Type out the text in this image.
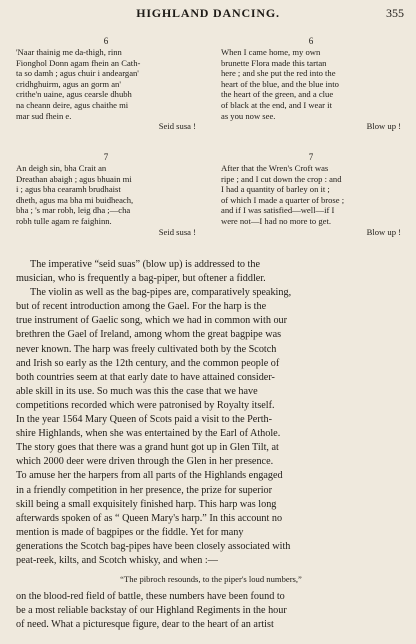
HIGHLAND DANCING.	355
6
'Naar thainig me da-thigh, rinn
Fionghol Donn agam fhein an Cath-
ta so damh ; agus chuir i andeargan'
cridhghuirm, agus an gorm an'
crithe'n uaine, agus cearsle dhubh
na cheann deire, agus chaithe mi
mar sud fhein e.
Seid susa !
7
An deigh sin, bha Crait an
Dreathan abaigh ; agus bhuain mi
i ; agus bha cearamh brudhaist
dheth, agus ma bha mi buidheach,
bha ; 's mar robh, leig dha ;—cha
robh tulle agam re faighinn.
Seid susa !
6
When I came home, my own
brunette Flora made this tartan
here ; and she put the red into the
heart of the blue, and the blue into
the heart of the green, and a clue
of black at the end, and I wear it
as you now see.
Blow up !
7
After that the Wren's Croft was
ripe ; and I cut down the crop : and
I had a quantity of barley on it ;
of which I made a quarter of brose ;
and if I was satisfied—well—if I
were not—I had no more to get.
Blow up !
The imperative “seid suas” (blow up) is addressed to the
musician, who is frequently a bag-piper, but oftener a fiddler.
The violin as well as the bag-pipes are, comparatively speaking,
but of recent introduction among the Gael. For the harp is the
true instrument of Gaelic song, which we had in common with our
brethren the Gael of Ireland, among whom the great bagpipe was
never known. The harp was freely cultivated both by the Scotch
and Irish so early as the 12th century, and the common people of
both countries seem at that early date to have attained consider-
able skill in its use. So much was this the case that we have
competitions recorded which were patronised by Royalty itself.
In the year 1564 Mary Queen of Scots paid a visit to the Perth-
shire Highlands, when she was entertained by the Earl of Athole.
The story goes that there was a grand hunt got up in Glen Tilt, at
which 2000 deer were driven through the Glen in her presence.
To amuse her the harpers from all parts of the Highlands engaged
in a friendly competition in her presence, the prize for superior
skill being a small exquisitely finished harp. This harp was long
afterwards spoken of as “ Queen Mary's harp.” In this account no
mention is made of bagpipes or the fiddle. Yet for many
generations the Scotch bag-pipes have been closely associated with
peat-reek, kilts, and Scotch whisky, and when :—
“The pibroch resounds, to the piper's loud numbers,”
on the blood-red field of battle, these numbers have been found to
be a most reliable backstay of our Highland Regiments in the hour
of need. What a picturesque figure, dear to the heart of an artist
